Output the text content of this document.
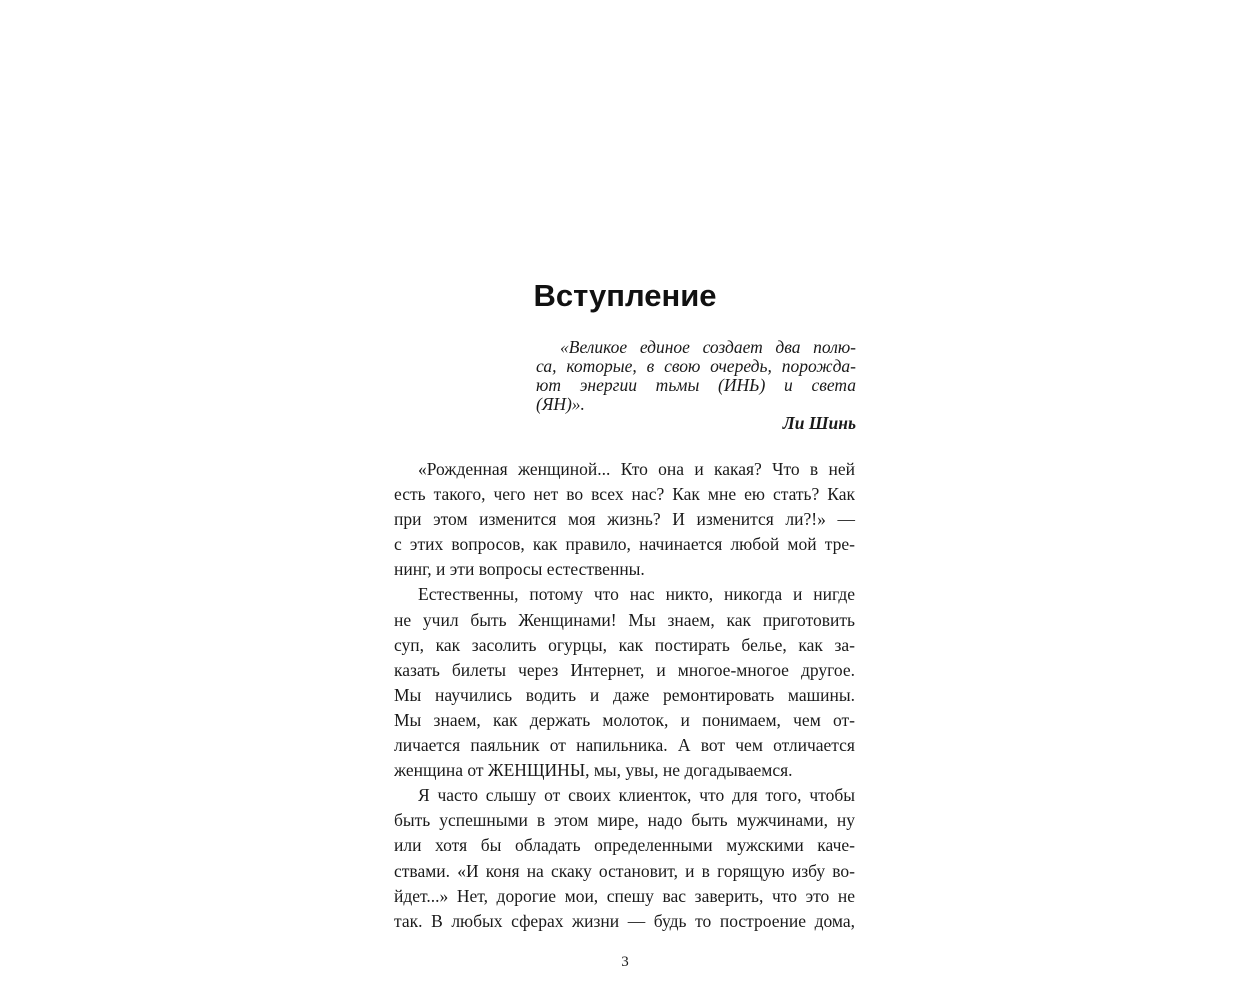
Вступление
«Великое единое создает два полю-
са, которые, в свою очередь, порожда-
ют энергии тьмы (ИНЬ) и света
(ЯН)».
Ли Шинь

«Рожденная женщиной... Кто она и какая? Что в ней
есть такого, чего нет во всех нас? Как мне ею стать? Как
при этом изменится моя жизнь? И изменится ли?!» —
с этих вопросов, как правило, начинается любой мой тре-
нинг, и эти вопросы естественны.

Естественны, потому что нас никто, никогда и нигде
не учил быть Женщинами! Мы знаем, как приготовить
суп, как засолить огурцы, как постирать белье, как за-
казать билеты через Интернет, и многое-многое другое.
Мы научились водить и даже ремонтировать машины.
Мы знаем, как держать молоток, и понимаем, чем от-
личается паяльник от напильника. А вот чем отличается
женщина от ЖЕНЩИНЫ, мы, увы, не догадываемся.

Я часто слышу от своих клиенток, что для того, чтобы
быть успешными в этом мире, надо быть мужчинами, ну
или хотя бы обладать определенными мужскими каче-
ствами. «И коня на скаку остановит, и в горящую избу во-
йдет...» Нет, дорогие мои, спешу вас заверить, что это не
так. В любых сферах жизни — будь то построение дома,

3
